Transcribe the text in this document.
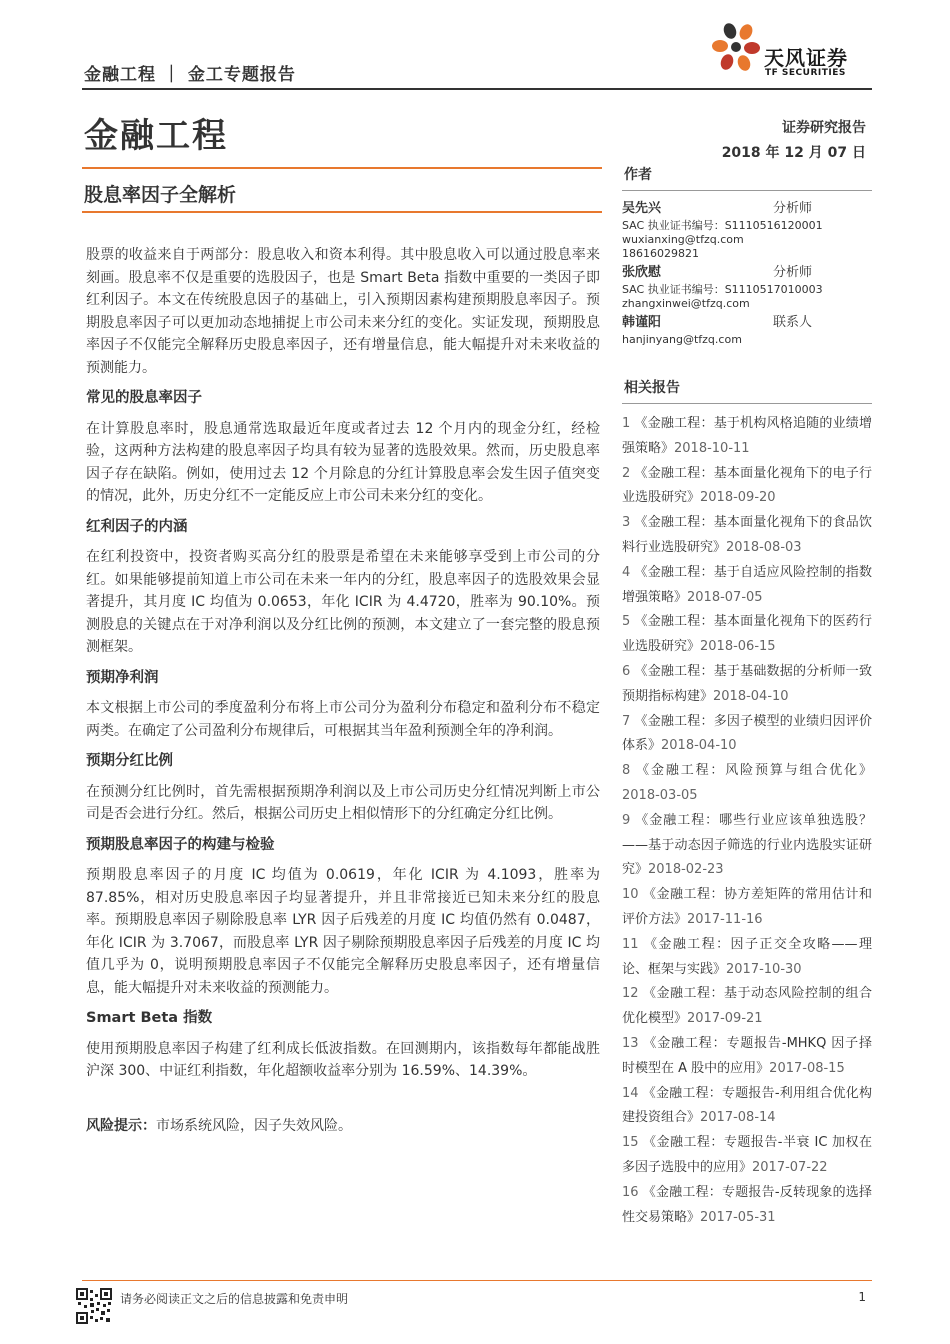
金融工程 ｜ 金工专题报告
天风证券
TF SECURITIES
金融工程	证券研究报告
2018 年 12 月 07 日
股息率因子全解析

股票的收益来自于两部分：股息收入和资本利得。其中股息收入可以通过股息率来刻画。股息率不仅是重要的选股因子，也是 Smart Beta 指数中重要的一类因子即红利因子。本文在传统股息因子的基础上，引入预期因素构建预期股息率因子。预期股息率因子可以更加动态地捕捉上市公司未来分红的变化。实证发现，预期股息率因子不仅能完全解释历史股息率因子，还有增量信息，能大幅提升对未来收益的预测能力。

常见的股息率因子

在计算股息率时，股息通常选取最近年度或者过去 12 个月内的现金分红，经检验，这两种方法构建的股息率因子均具有较为显著的选股效果。然而，历史股息率因子存在缺陷。例如，使用过去 12 个月除息的分红计算股息率会发生因子值突变的情况，此外，历史分红不一定能反应上市公司未来分红的变化。

红利因子的内涵

在红利投资中，投资者购买高分红的股票是希望在未来能够享受到上市公司的分红。如果能够提前知道上市公司在未来一年内的分红，股息率因子的选股效果会显著提升，其月度 IC 均值为 0.0653，年化 ICIR 为 4.4720，胜率为 90.10%。预测股息的关键点在于对净利润以及分红比例的预测，本文建立了一套完整的股息预测框架。

预期净利润

本文根据上市公司的季度盈利分布将上市公司分为盈利分布稳定和盈利分布不稳定两类。在确定了公司盈利分布规律后，可根据其当年盈利预测全年的净利润。

预期分红比例

在预测分红比例时，首先需根据预期净利润以及上市公司历史分红情况判断上市公司是否会进行分红。然后，根据公司历史上相似情形下的分红确定分红比例。

预期股息率因子的构建与检验

预期股息率因子的月度 IC 均值为 0.0619，年化 ICIR 为 4.1093，胜率为 87.85%，相对历史股息率因子均显著提升，并且非常接近已知未来分红的股息率。预期股息率因子剔除股息率 LYR 因子后残差的月度 IC 均值仍然有 0.0487，年化 ICIR 为 3.7067，而股息率 LYR 因子剔除预期股息率因子后残差的月度 IC 均值几乎为 0，说明预期股息率因子不仅能完全解释历史股息率因子，还有增量信息，能大幅提升对未来收益的预测能力。

Smart Beta 指数

使用预期股息率因子构建了红利成长低波指数。在回测期内，该指数每年都能战胜沪深 300、中证红利指数，年化超额收益率分别为 16.59%、14.39%。

风险提示：市场系统风险，因子失效风险。

作者
吴先兴	分析师
SAC 执业证书编号：S1110516120001
wuxianxing@tfzq.com
18616029821
张欣慰	分析师
SAC 执业证书编号：S1110517010003
zhangxinwei@tfzq.com
韩谨阳	联系人
hanjinyang@tfzq.com
相关报告
1 《金融工程：基于机构风格追随的业绩增强策略》2018-10-11
2 《金融工程：基本面量化视角下的电子行业选股研究》2018-09-20
3 《金融工程：基本面量化视角下的食品饮料行业选股研究》2018-08-03
4 《金融工程：基于自适应风险控制的指数增强策略》2018-07-05
5 《金融工程：基本面量化视角下的医药行业选股研究》2018-06-15
6 《金融工程：基于基础数据的分析师一致预期指标构建》2018-04-10
7 《金融工程：多因子模型的业绩归因评价体系》2018-04-10
8 《金融工程：风险预算与组合优化》2018-03-05
9 《金融工程：哪些行业应该单独选股？——基于动态因子筛选的行业内选股实证研究》2018-02-23
10 《金融工程：协方差矩阵的常用估计和评价方法》2017-11-16
11 《金融工程：因子正交全攻略——理论、框架与实践》2017-10-30
12 《金融工程：基于动态风险控制的组合优化模型》2017-09-21
13 《金融工程：专题报告-MHKQ 因子择时模型在 A 股中的应用》2017-08-15
14 《金融工程：专题报告-利用组合优化构建投资组合》2017-08-14
15 《金融工程：专题报告-半衰 IC 加权在多因子选股中的应用》2017-07-22
16 《金融工程：专题报告-反转现象的选择性交易策略》2017-05-31
请务必阅读正文之后的信息披露和免责申明	1
